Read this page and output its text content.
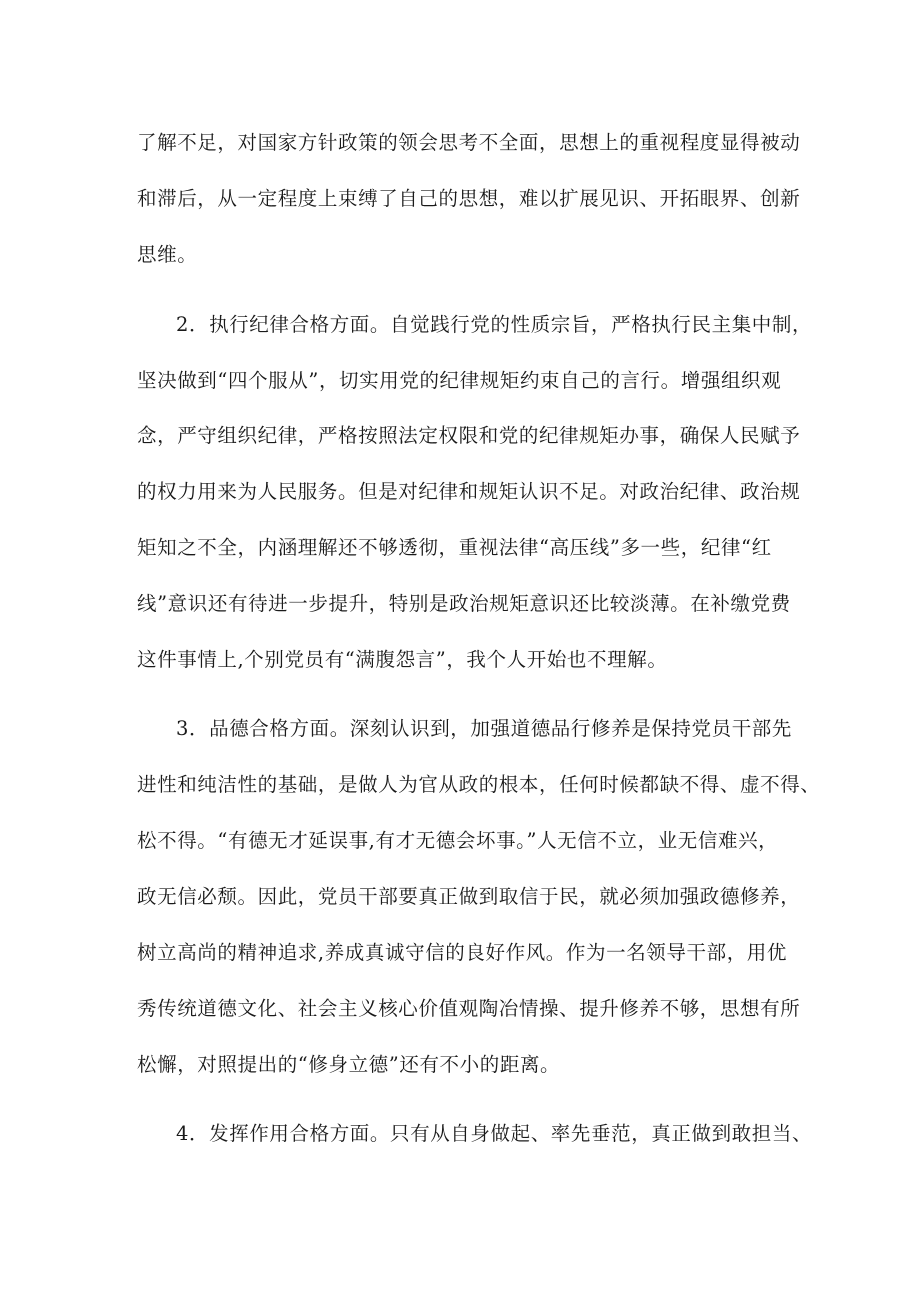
了解不足，对国家方针政策的领会思考不全面，思想上的重视程度显得被动
和滞后，从一定程度上束缚了自己的思想，难以扩展见识、开拓眼界、创新
思维。
2．执行纪律合格方面。自觉践行党的性质宗旨，严格执行民主集中制，
坚决做到“四个服从”，切实用党的纪律规矩约束自己的言行。增强组织观
念，严守组织纪律，严格按照法定权限和党的纪律规矩办事，确保人民赋予
的权力用来为人民服务。但是对纪律和规矩认识不足。对政治纪律、政治规
矩知之不全，内涵理解还不够透彻，重视法律“高压线”多一些，纪律“红
线”意识还有待进一步提升，特别是政治规矩意识还比较淡薄。在补缴党费
这件事情上,个别党员有“满腹怨言”，我个人开始也不理解。
3．品德合格方面。深刻认识到，加强道德品行修养是保持党员干部先
进性和纯洁性的基础，是做人为官从政的根本，任何时候都缺不得、虚不得、
松不得。“有德无才延误事,有才无德会坏事。”人无信不立，业无信难兴，
政无信必颓。因此，党员干部要真正做到取信于民，就必须加强政德修养，
树立高尚的精神追求,养成真诚守信的良好作风。作为一名领导干部，用优
秀传统道德文化、社会主义核心价值观陶冶情操、提升修养不够，思想有所
松懈，对照提出的“修身立德”还有不小的距离。
4．发挥作用合格方面。只有从自身做起、率先垂范，真正做到敢担当、
